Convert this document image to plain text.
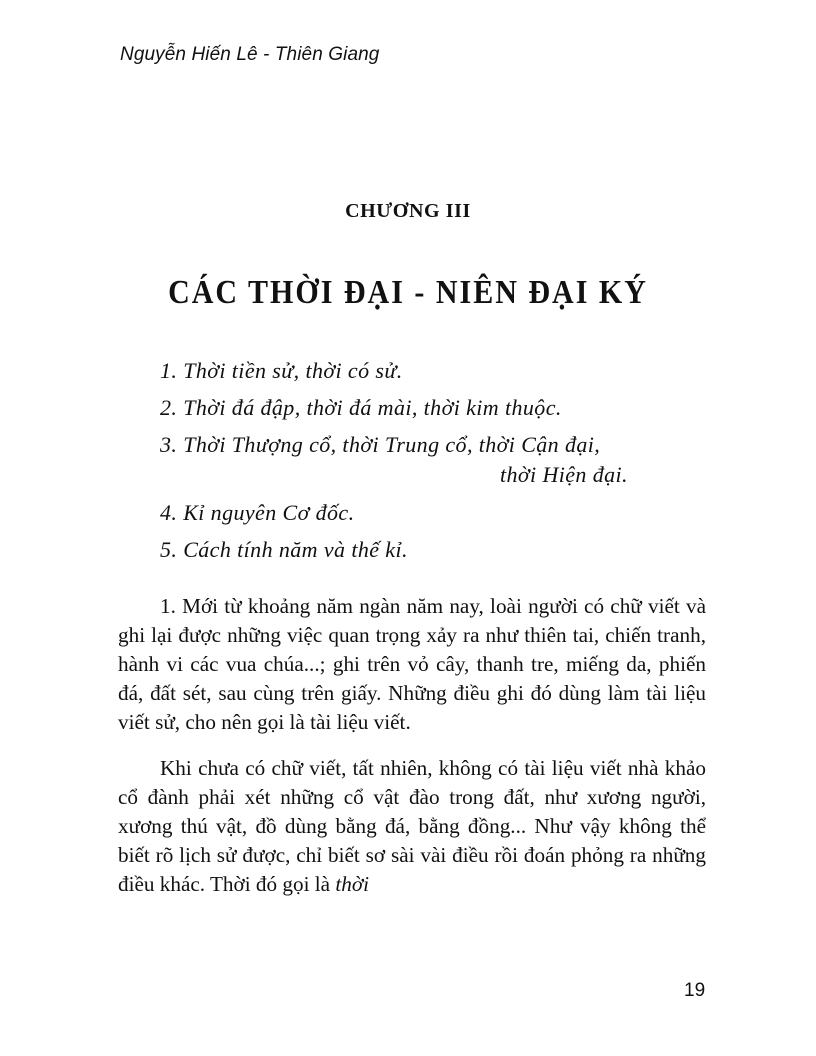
Nguyễn Hiến Lê - Thiên Giang
CHƯƠNG III
CÁC THỜI ĐẠI - NIÊN ĐẠI KÝ
1. Thời tiền sử, thời có sử.
2. Thời đá đập, thời đá mài, thời kim thuộc.
3. Thời Thượng cổ, thời Trung cổ, thời Cận đại,
thời Hiện đại.
4. Kỉ nguyên Cơ đốc.
5. Cách tính năm và thế kỉ.

1. Mới từ khoảng năm ngàn năm nay, loài người có chữ viết và ghi lại được những việc quan trọng xảy ra như thiên tai, chiến tranh, hành vi các vua chúa...; ghi trên vỏ cây, thanh tre, miếng da, phiến đá, đất sét, sau cùng trên giấy. Những điều ghi đó dùng làm tài liệu viết sử, cho nên gọi là tài liệu viết.

Khi chưa có chữ viết, tất nhiên, không có tài liệu viết nhà khảo cổ đành phải xét những cổ vật đào trong đất, như xương người, xương thú vật, đồ dùng bằng đá, bằng đồng... Như vậy không thể biết rõ lịch sử được, chỉ biết sơ sài vài điều rồi đoán phỏng ra những điều khác. Thời đó gọi là thời

19
